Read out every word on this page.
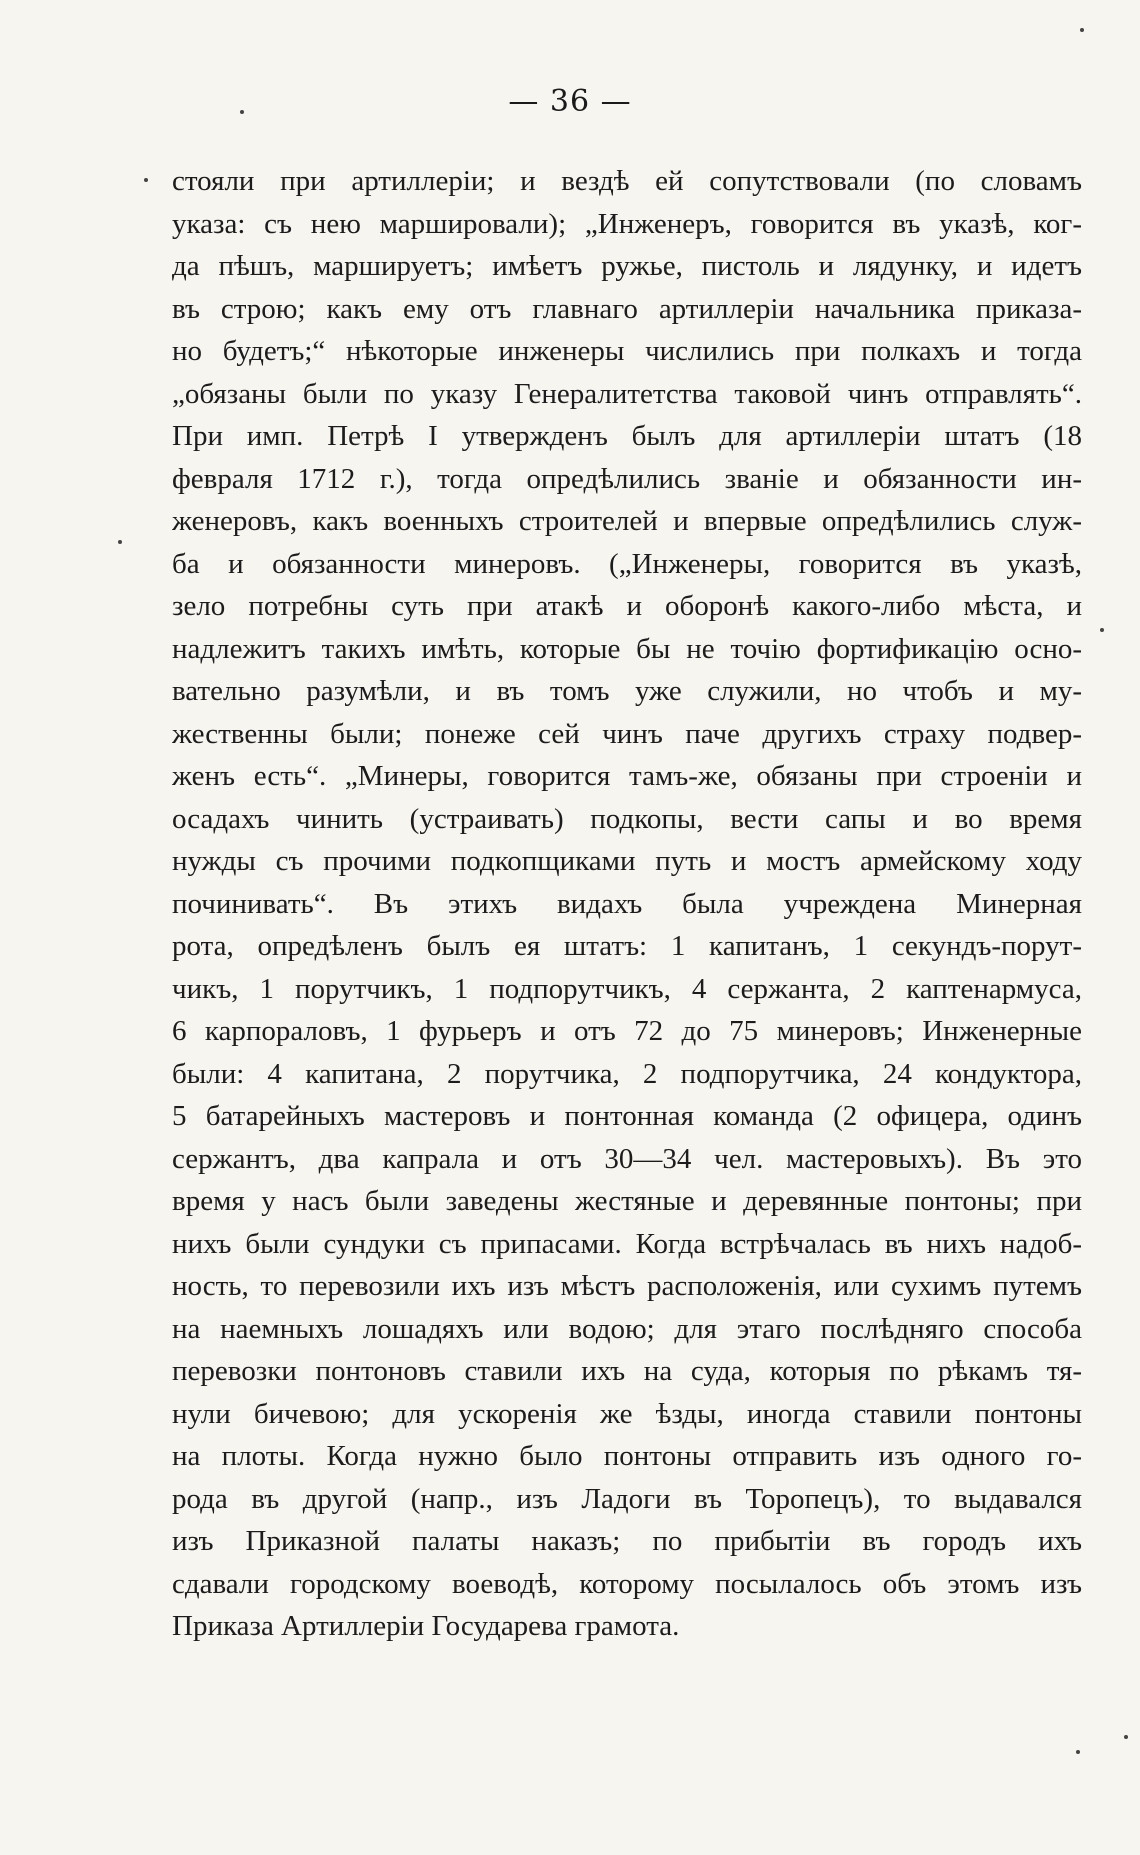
— 36 —
стояли при артиллеріи; и вездѣ ей сопутствовали (по словамъ
указа: съ нею маршировали); „Инженеръ, говорится въ указѣ, ког-
да пѣшъ, маршируетъ; имѣетъ ружье, пистоль и лядунку, и идетъ
въ строю; какъ ему отъ главнаго артиллеріи начальника приказа-
но будетъ;“ нѣкоторые инженеры числились при полкахъ и тогда
„обязаны были по указу Генералитетства таковой чинъ отправлять“.
При имп. Петрѣ I утвержденъ былъ для артиллеріи штатъ (18
февраля 1712 г.), тогда опредѣлились званіе и обязанности ин-
женеровъ, какъ военныхъ строителей и впервые опредѣлились служ-
ба и обязанности минеровъ. („Инженеры, говорится въ указѣ,
зело потребны суть при атакѣ и оборонѣ какого-либо мѣста, и
надлежитъ такихъ имѣть, которые бы не точію фортификацію осно-
вательно разумѣли, и въ томъ уже служили, но чтобъ и му-
жественны были; понеже сей чинъ паче другихъ страху подвер-
женъ есть“. „Минеры, говорится тамъ-же, обязаны при строеніи и
осадахъ чинить (устраивать) подкопы, вести сапы и во время
нужды съ прочими подкопщиками путь и мостъ армейскому ходу
починивать“. Въ этихъ видахъ была учреждена Минерная
рота, опредѣленъ былъ ея штатъ: 1 капитанъ, 1 секундъ-порут-
чикъ, 1 порутчикъ, 1 подпорутчикъ, 4 сержанта, 2 каптенармуса,
6 карпораловъ, 1 фурьеръ и отъ 72 до 75 минеровъ; Инженерные
были: 4 капитана, 2 порутчика, 2 подпорутчика, 24 кондуктора,
5 батарейныхъ мастеровъ и понтонная команда (2 офицера, одинъ
сержантъ, два капрала и отъ 30—34 чел. мастеровыхъ). Въ это
время у насъ были заведены жестяные и деревянные понтоны; при
нихъ были сундуки съ припасами. Когда встрѣчалась въ нихъ надоб-
ность, то перевозили ихъ изъ мѣстъ расположенія, или сухимъ путемъ
на наемныхъ лошадяхъ или водою; для этаго послѣдняго способа
перевозки понтоновъ ставили ихъ на суда, которыя по рѣкамъ тя-
нули бичевою; для ускоренія же ѣзды, иногда ставили понтоны
на плоты. Когда нужно было понтоны отправить изъ одного го-
рода въ другой (напр., изъ Ладоги въ Торопецъ), то выдавался
изъ Приказной палаты наказъ; по прибытіи въ городъ ихъ
сдавали городскому воеводѣ, которому посылалось объ этомъ изъ
Приказа Артиллеріи Государева грамота.
